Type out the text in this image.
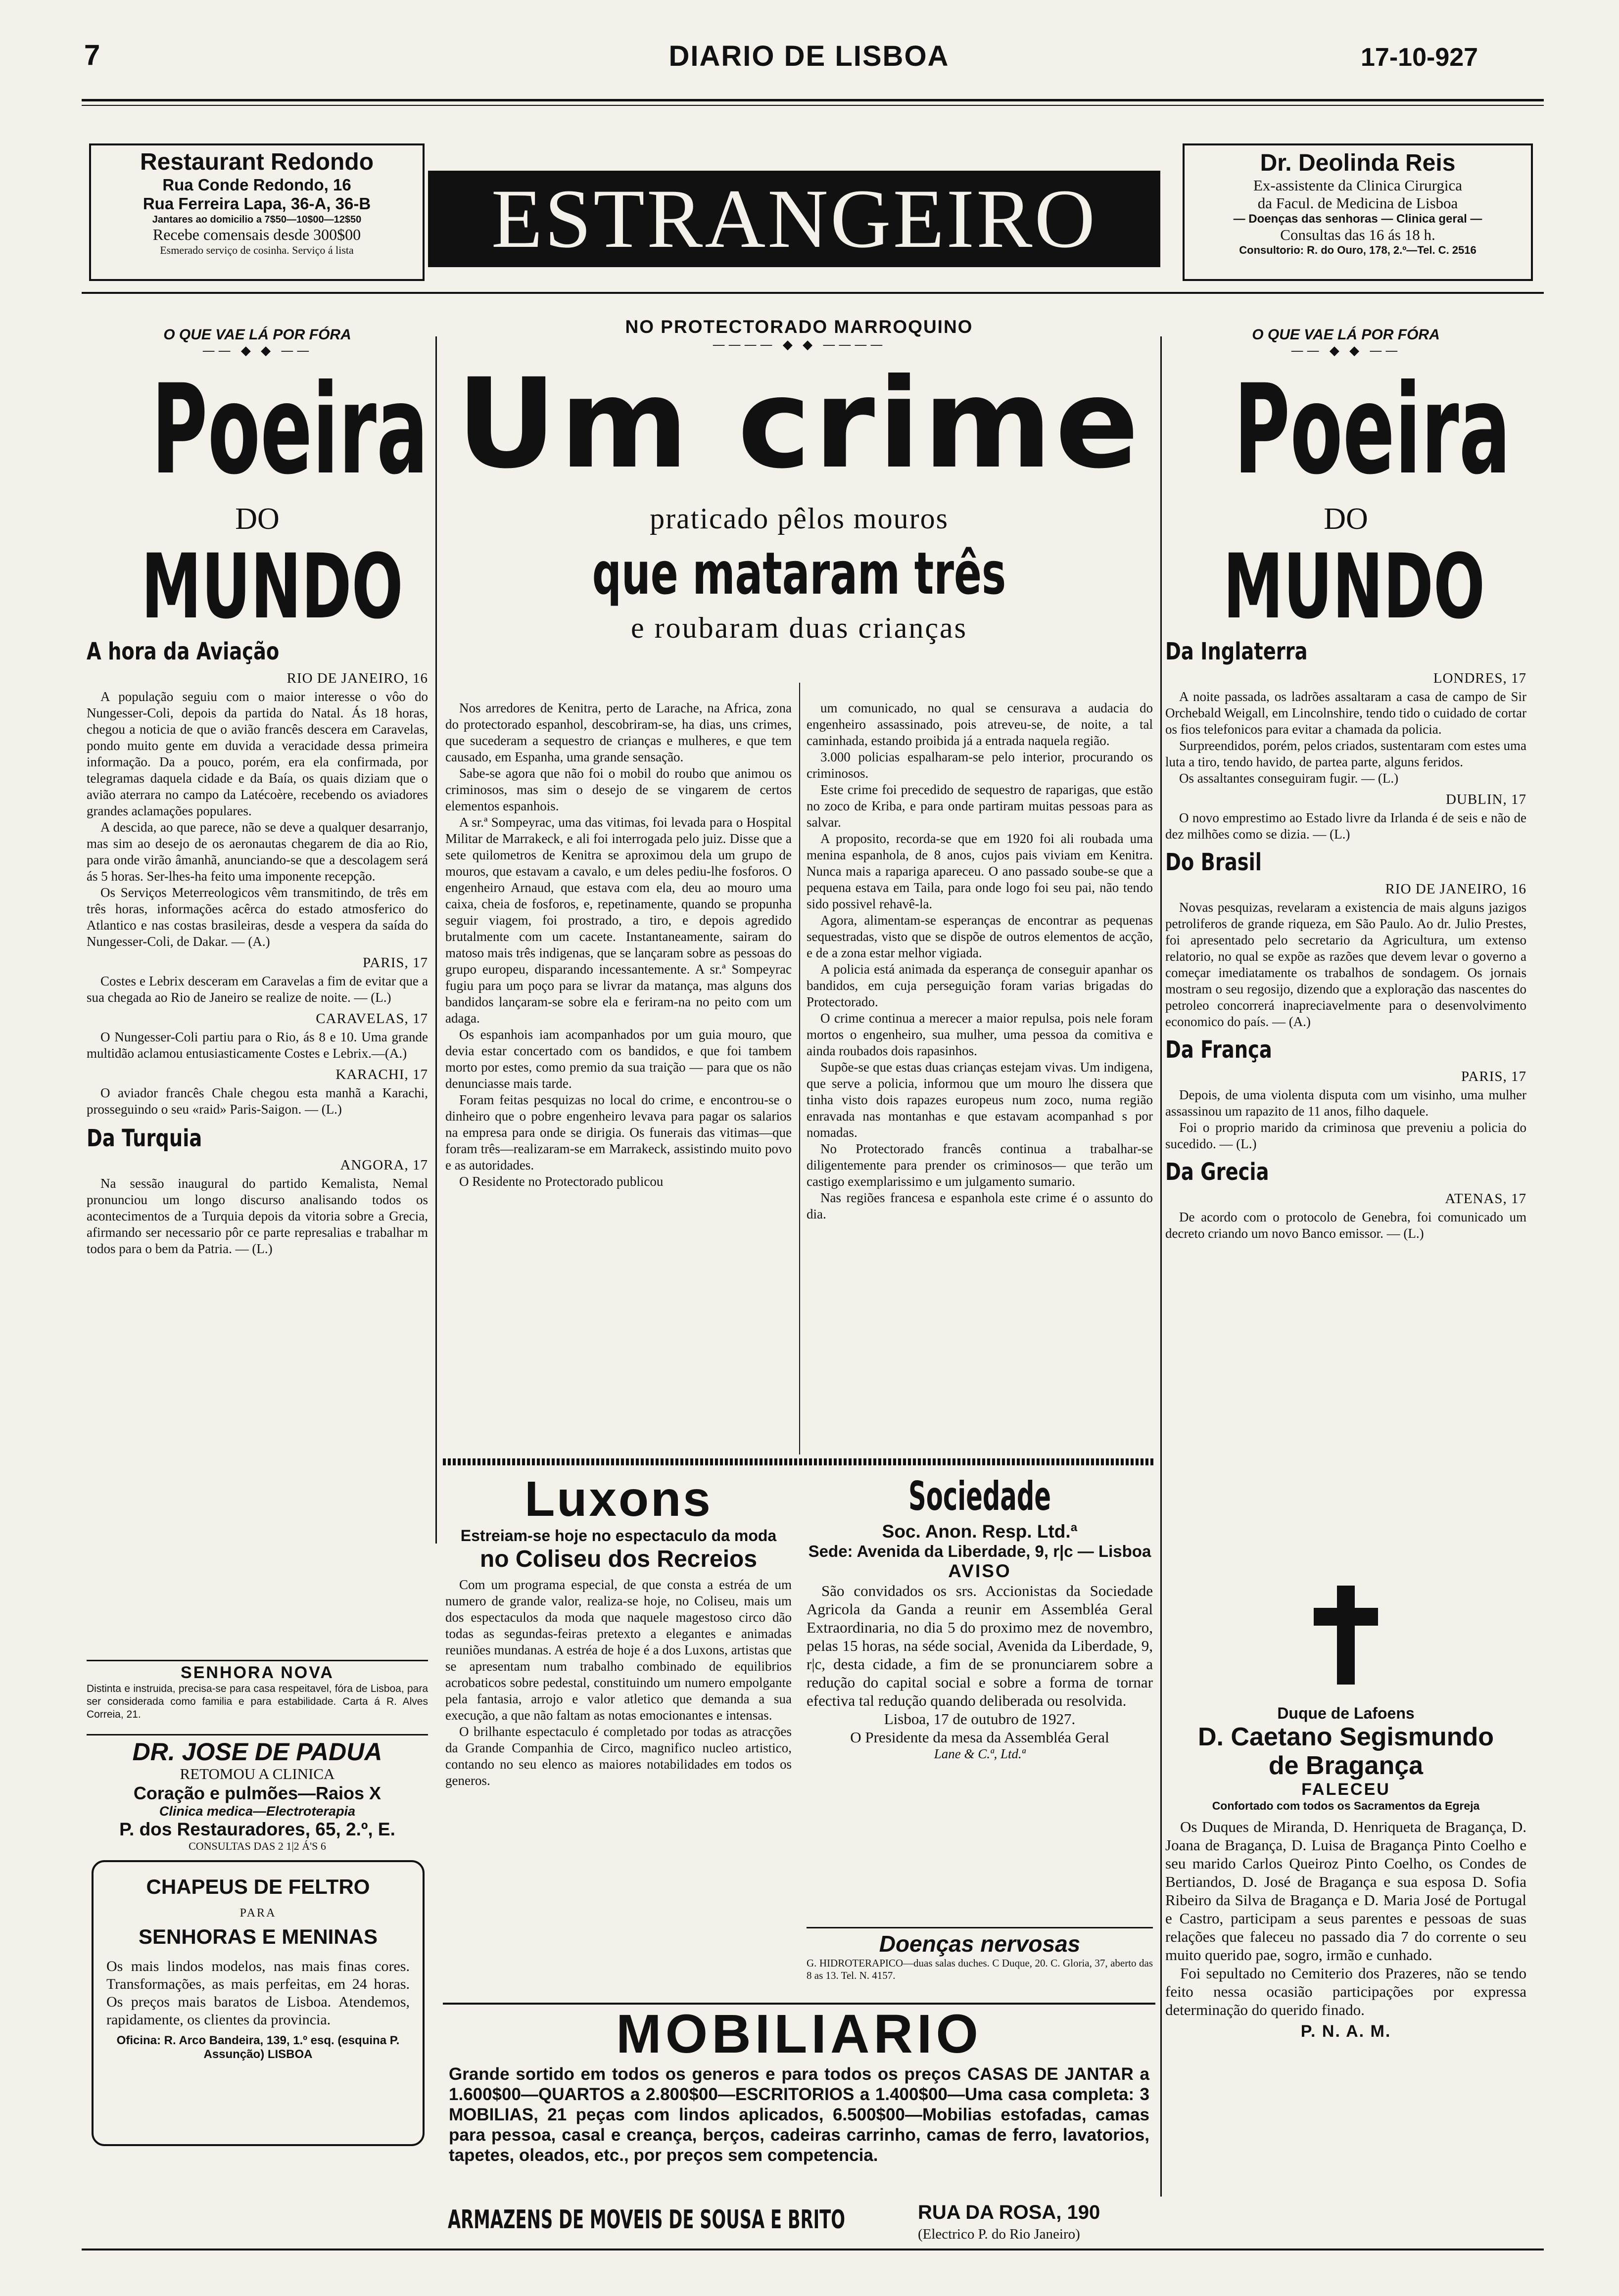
7	DIARIO DE LISBOA	17-10-927
Restaurant Redondo
Rua Conde Redondo, 16
Rua Ferreira Lapa, 36-A, 36-B
Jantares ao domicilio a 7$50—10$00—12$50
Recebe comensais desde 300$00
Esmerado serviço de cosinha. Serviço á lista	ESTRANGEIRO
Dr. Deolinda Reis
Ex-assistente da Clinica Cirurgica
da Facul. de Medicina de Lisboa
— Doenças das senhoras — Clinica geral —
Consultas das 16 ás 18 h.
Consultorio: R. do Ouro, 178, 2.º—Tel. C. 2516
O QUE VAE LÁ POR FÓRA
—— ◆ ◆ ——
Poeira
DO
MUNDO
A hora da Aviação
RIO DE JANEIRO, 16

A população seguiu com o maior interesse o vôo do Nungesser-Coli, depois da partida do Natal. Ás 18 horas, chegou a noticia de que o avião francês descera em Caravelas, pondo muito gente em duvida a veracidade dessa primeira informação. Da a pouco, porém, era ela confirmada, por telegramas daquela cidade e da Baía, os quais diziam que o avião aterrara no campo da Latécoère, recebendo os aviadores grandes aclamações populares.

A descida, ao que parece, não se deve a qualquer desarranjo, mas sim ao desejo de os aeronautas chegarem de dia ao Rio, para onde virão âmanhã, anunciando-se que a descolagem será ás 5 horas. Ser-lhes-ha feito uma imponente recepção.

Os Serviços Meterreologicos vêm transmitindo, de três em três horas, informações acêrca do estado atmosferico do Atlantico e nas costas brasileiras, desde a vespera da saída do Nungesser-Coli, de Dakar. — (A.)

PARIS, 17

Costes e Lebrix desceram em Caravelas a fim de evitar que a sua chegada ao Rio de Janeiro se realize de noite. — (L.)

CARAVELAS, 17

O Nungesser-Coli partiu para o Rio, ás 8 e 10. Uma grande multidão aclamou entusiasticamente Costes e Lebrix.—(A.)

KARACHI, 17

O aviador francês Chale chegou esta manhã a Karachi, prosseguindo o seu «raid» Paris-Saigon. — (L.)

Da Turquia
ANGORA, 17

Na sessão inaugural do partido Kemalista, Nemal pronunciou um longo discurso analisando todos os acontecimentos de a Turquia depois da vitoria sobre a Grecia, afirmando ser necessario pôr ce parte represalias e trabalhar m todos para o bem da Patria. — (L.)

SENHORA NOVA
Distinta e instruida, precisa-se para casa respeitavel, fóra de Lisboa, para ser considerada como familia e para estabilidade. Carta á R. Alves Correia, 21.
DR. JOSE DE PADUA
RETOMOU A CLINICA
Coração e pulmões—Raios X
Clinica medica—Electroterapia
P. dos Restauradores, 65, 2.º, E.
CONSULTAS DAS 2 1|2 Á'S 6
CHAPEUS DE FELTRO
PARA
SENHORAS E MENINAS
Os mais lindos modelos, nas mais finas cores. Transformações, as mais perfeitas, em 24 horas. Os preços mais baratos de Lisboa. Atendemos, rapidamente, os clientes da provincia.
Oficina: R. Arco Bandeira, 139, 1.º esq. (esquina P. Assunção) LISBOA
NO PROTECTORADO MARROQUINO
———— ◆ ◆ ————
Um crime
praticado pêlos mouros
que mataram três
e roubaram duas crianças

Nos arredores de Kenitra, perto de Larache, na Africa, zona do protectorado espanhol, descobriram-se, ha dias, uns crimes, que sucederam a sequestro de crianças e mulheres, e que tem causado, em Espanha, uma grande sensação.

Sabe-se agora que não foi o mobil do roubo que animou os criminosos, mas sim o desejo de se vingarem de certos elementos espanhois.

A sr.ª Sompeyrac, uma das vitimas, foi levada para o Hospital Militar de Marrakeck, e ali foi interrogada pelo juiz. Disse que a sete quilometros de Kenitra se aproximou dela um grupo de mouros, que estavam a cavalo, e um deles pediu-lhe fosforos. O engenheiro Arnaud, que estava com ela, deu ao mouro uma caixa, cheia de fosforos, e, repetinamente, quando se propunha seguir viagem, foi prostrado, a tiro, e depois agredido brutalmente com um cacete. Instantaneamente, sairam do matoso mais três indigenas, que se lançaram sobre as pessoas do grupo europeu, disparando incessantemente. A sr.ª Sompeyrac fugiu para um poço para se livrar da matança, mas alguns dos bandidos lançaram-se sobre ela e feriram-na no peito com um adaga.

Os espanhois iam acompanhados por um guia mouro, que devia estar concertado com os bandidos, e que foi tambem morto por estes, como premio da sua traição — para que os não denunciasse mais tarde.

Foram feitas pesquizas no local do crime, e encontrou-se o dinheiro que o pobre engenheiro levava para pagar os salarios na empresa para onde se dirigia. Os funerais das vitimas—que foram três—realizaram-se em Marrakeck, assistindo muito povo e as autoridades.

O Residente no Protectorado publicou

um comunicado, no qual se censurava a audacia do engenheiro assassinado, pois atreveu-se, de noite, a tal caminhada, estando proibida já a entrada naquela região.

3.000 policias espalharam-se pelo interior, procurando os criminosos.

Este crime foi precedido de sequestro de raparigas, que estão no zoco de Kriba, e para onde partiram muitas pessoas para as salvar.

A proposito, recorda-se que em 1920 foi ali roubada uma menina espanhola, de 8 anos, cujos pais viviam em Kenitra. Nunca mais a rapariga apareceu. O ano passado soube-se que a pequena estava em Taila, para onde logo foi seu pai, não tendo sido possivel rehavê-la.

Agora, alimentam-se esperanças de encontrar as pequenas sequestradas, visto que se dispõe de outros elementos de acção, e de a zona estar melhor vigiada.

A policia está animada da esperança de conseguir apanhar os bandidos, em cuja perseguição foram varias brigadas do Protectorado.

O crime continua a merecer a maior repulsa, pois nele foram mortos o engenheiro, sua mulher, uma pessoa da comitiva e ainda roubados dois rapasinhos.

Supõe-se que estas duas crianças estejam vivas. Um indigena, que serve a policia, informou que um mouro lhe dissera que tinha visto dois rapazes europeus num zoco, numa região enravada nas montanhas e que estavam acompanhad s por nomadas.

No Protectorado francês continua a trabalhar-se diligentemente para prender os criminosos— que terão um castigo exemplarissimo e um julgamento sumario.

Nas regiões francesa e espanhola este crime é o assunto do dia.

Luxons
Estreiam-se hoje no espectaculo da moda
no Coliseu dos Recreios

Com um programa especial, de que consta a estréa de um numero de grande valor, realiza-se hoje, no Coliseu, mais um dos espectaculos da moda que naquele magestoso circo dão todas as segundas-feiras pretexto a elegantes e animadas reuniões mundanas. A estréa de hoje é a dos Luxons, artistas que se apresentam num trabalho combinado de equilibrios acrobaticos sobre pedestal, constituindo um numero empolgante pela fantasia, arrojo e valor atletico que demanda a sua execução, a que não faltam as notas emocionantes e intensas.

O brilhante espectaculo é completado por todas as atracções da Grande Companhia de Circo, magnifico nucleo artistico, contando no seu elenco as maiores notabilidades em todos os generos.

Sociedade
Soc. Anon. Resp. Ltd.ª
Sede: Avenida da Liberdade, 9, r|c — Lisboa
AVISO
São convidados os srs. Accionistas da Sociedade Agricola da Ganda a reunir em Assembléa Geral Extraordinaria, no dia 5 do proximo mez de novembro, pelas 15 horas, na séde social, Avenida da Liberdade, 9, r|c, desta cidade, a fim de se pronunciarem sobre a redução do capital social e sobre a forma de tornar efectiva tal redução quando deliberada ou resolvida.
Lisboa, 17 de outubro de 1927.
O Presidente da mesa da Assembléa Geral
Lane & C.ª, Ltd.ª
Doenças nervosas
G. HIDROTERAPICO—duas salas duches. C Duque, 20. C. Gloria, 37, aberto das 8 as 13. Tel. N. 4157.
MOBILIARIO
Grande sortido em todos os generos e para todos os preços CASAS DE JANTAR a 1.600$00—QUARTOS a 2.800$00—ESCRITORIOS a 1.400$00—Uma casa completa: 3 MOBILIAS, 21 peças com lindos aplicados, 6.500$00—Mobilias estofadas, camas para pessoa, casal e creança, berços, cadeiras carrinho, camas de ferro, lavatorios, tapetes, oleados, etc., por preços sem competencia.
ARMAZENS DE MOVEIS DE SOUSA E BRITO	RUA DA ROSA, 190
(Electrico P. do Rio Janeiro)
O QUE VAE LÁ POR FÓRA
—— ◆ ◆ ——
Poeira
DO
MUNDO
Da Inglaterra
LONDRES, 17

A noite passada, os ladrões assaltaram a casa de campo de Sir Orchebald Weigall, em Lincolnshire, tendo tido o cuidado de cortar os fios telefonicos para evitar a chamada da policia.

Surpreendidos, porém, pelos criados, sustentaram com estes uma luta a tiro, tendo havido, de partea parte, alguns feridos.

Os assaltantes conseguiram fugir. — (L.)

DUBLIN, 17

O novo emprestimo ao Estado livre da Irlanda é de seis e não de dez milhões como se dizia. — (L.)

Do Brasil
RIO DE JANEIRO, 16

Novas pesquizas, revelaram a existencia de mais alguns jazigos petroliferos de grande riqueza, em São Paulo. Ao dr. Julio Prestes, foi apresentado pelo secretario da Agricultura, um extenso relatorio, no qual se expõe as razões que devem levar o governo a começar imediatamente os trabalhos de sondagem. Os jornais mostram o seu regosijo, dizendo que a exploração das nascentes do petroleo concorrerá inapreciavelmente para o desenvolvimento economico do país. — (A.)

Da França
PARIS, 17

Depois, de uma violenta disputa com um visinho, uma mulher assassinou um rapazito de 11 anos, filho daquele.

Foi o proprio marido da criminosa que preveniu a policia do sucedido. — (L.)

Da Grecia
ATENAS, 17

De acordo com o protocolo de Genebra, foi comunicado um decreto criando um novo Banco emissor. — (L.)

Duque de Lafoens
D. Caetano Segismundo
de Bragança
FALECEU
Confortado com todos os Sacramentos da Egreja
Os Duques de Miranda, D. Henriqueta de Bragança, D. Joana de Bragança, D. Luisa de Bragança Pinto Coelho e seu marido Carlos Queiroz Pinto Coelho, os Condes de Bertiandos, D. José de Bragança e sua esposa D. Sofia Ribeiro da Silva de Bragança e D. Maria José de Portugal e Castro, participam a seus parentes e pessoas de suas relações que faleceu no passado dia 7 do corrente o seu muito querido pae, sogro, irmão e cunhado.
Foi sepultado no Cemiterio dos Prazeres, não se tendo feito nessa ocasião participações por expressa determinação do querido finado.
P. N. A. M.
